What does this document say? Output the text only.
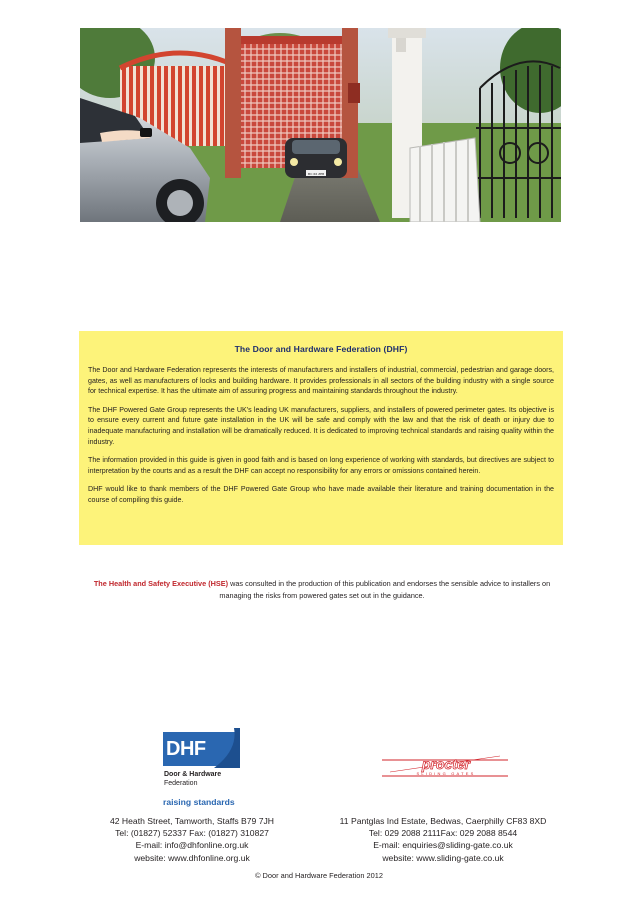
MC 66 ZEB
The Door and Hardware Federation (DHF)

The Door and Hardware Federation represents the interests of manufacturers and installers of industrial, commercial, pedestrian and garage doors, gates, as well as manufacturers of locks and building hardware. It provides professionals in all sectors of the building industry with a single source for technical expertise. It has the ultimate aim of assuring progress and maintaining standards throughout the industry.

The DHF Powered Gate Group represents the UK's leading UK manufacturers, suppliers, and installers of powered perimeter gates. Its objective is to ensure every current and future gate installation in the UK will be safe and comply with the law and that the risk of death or injury due to inadequate manufacturing and installation will be dramatically reduced. It is dedicated to improving technical standards and raising quality within the industry.

The information provided in this guide is given in good faith and is based on long experience of working with standards, but directives are subject to interpretation by the courts and as a result the DHF can accept no responsibility for any errors or omissions contained herein.

DHF would like to thank members of the DHF Powered Gate Group who have made available their literature and training documentation in the course of compiling this guide.

The Health and Safety Executive (HSE) was consulted in the production of this publication and endorses the sensible advice to installers on managing the risks from powered gates set out in the guidance.
DHF
Door & Hardware
Federation
raising standards
procter
SLIDING GATES
42 Heath Street, Tamworth, Staffs B79 7JH
Tel: (01827) 52337 Fax: (01827) 310827
E-mail: info@dhfonline.org.uk
website: www.dhfonline.org.uk
11 Pantglas Ind Estate, Bedwas, Caerphilly CF83 8XD
Tel: 029 2088 2111Fax: 029 2088 8544
E-mail: enquiries@sliding-gate.co.uk
website: www.sliding-gate.co.uk
© Door and Hardware Federation 2012
